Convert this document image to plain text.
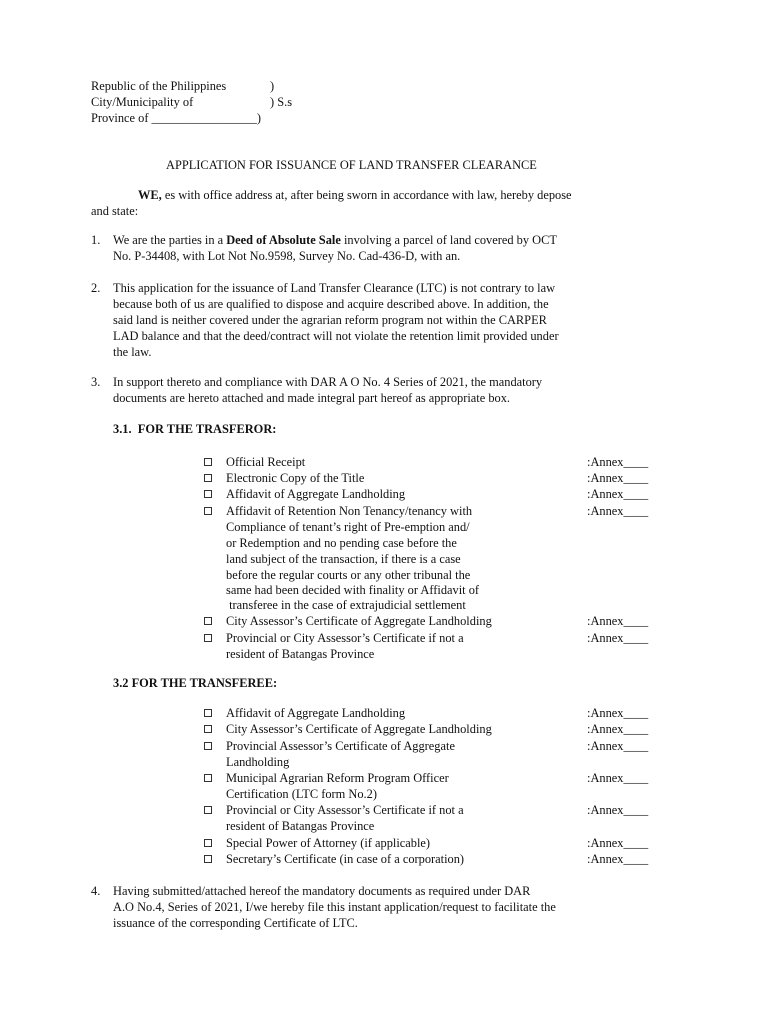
Republic of the Philippines	)
City/Municipality of	) S.s
Province of _________________)
APPLICATION FOR ISSUANCE OF LAND TRANSFER CLEARANCE
WE, es with office address at, after being sworn in accordance with law, hereby depose
and state:
1. We are the parties in a Deed of Absolute Sale involving a parcel of land covered by OCT
No. P-34408, with Lot Not No.9598, Survey No. Cad-436-D, with an.
2. This application for the issuance of Land Transfer Clearance (LTC) is not contrary to law
because both of us are qualified to dispose and acquire described above. In addition, the
said land is neither covered under the agrarian reform program not within the CARPER
LAD balance and that the deed/contract will not violate the retention limit provided under
the law.
3. In support thereto and compliance with DAR A O No. 4 Series of 2021, the mandatory
documents are hereto attached and made integral part hereof as appropriate box.
3.1.  FOR THE TRASFEROR:
Official Receipt	:Annex____
Electronic Copy of the Title	:Annex____
Affidavit of Aggregate Landholding	:Annex____
Affidavit of Retention Non Tenancy/tenancy with
Compliance of tenant’s right of Pre-emption and/
or Redemption and no pending case before the
land subject of the transaction, if there is a case
before the regular courts or any other tribunal the
same had been decided with finality or Affidavit of
transferee in the case of extrajudicial settlement
:Annex____
City Assessor’s Certificate of Aggregate Landholding	:Annex____
Provincial or City Assessor’s Certificate if not a
resident of Batangas Province
:Annex____
3.2 FOR THE TRANSFEREE:
Affidavit of Aggregate Landholding	:Annex____
City Assessor’s Certificate of Aggregate Landholding	:Annex____
Provincial Assessor’s Certificate of Aggregate
Landholding
:Annex____
Municipal Agrarian Reform Program Officer
Certification (LTC form No.2)
:Annex____
Provincial or City Assessor’s Certificate if not a
resident of Batangas Province
:Annex____
Special Power of Attorney (if applicable)	:Annex____
Secretary’s Certificate (in case of a corporation)	:Annex____
4. Having submitted/attached hereof the mandatory documents as required under DAR
A.O No.4, Series of 2021, I/we hereby file this instant application/request to facilitate the
issuance of the corresponding Certificate of LTC.
